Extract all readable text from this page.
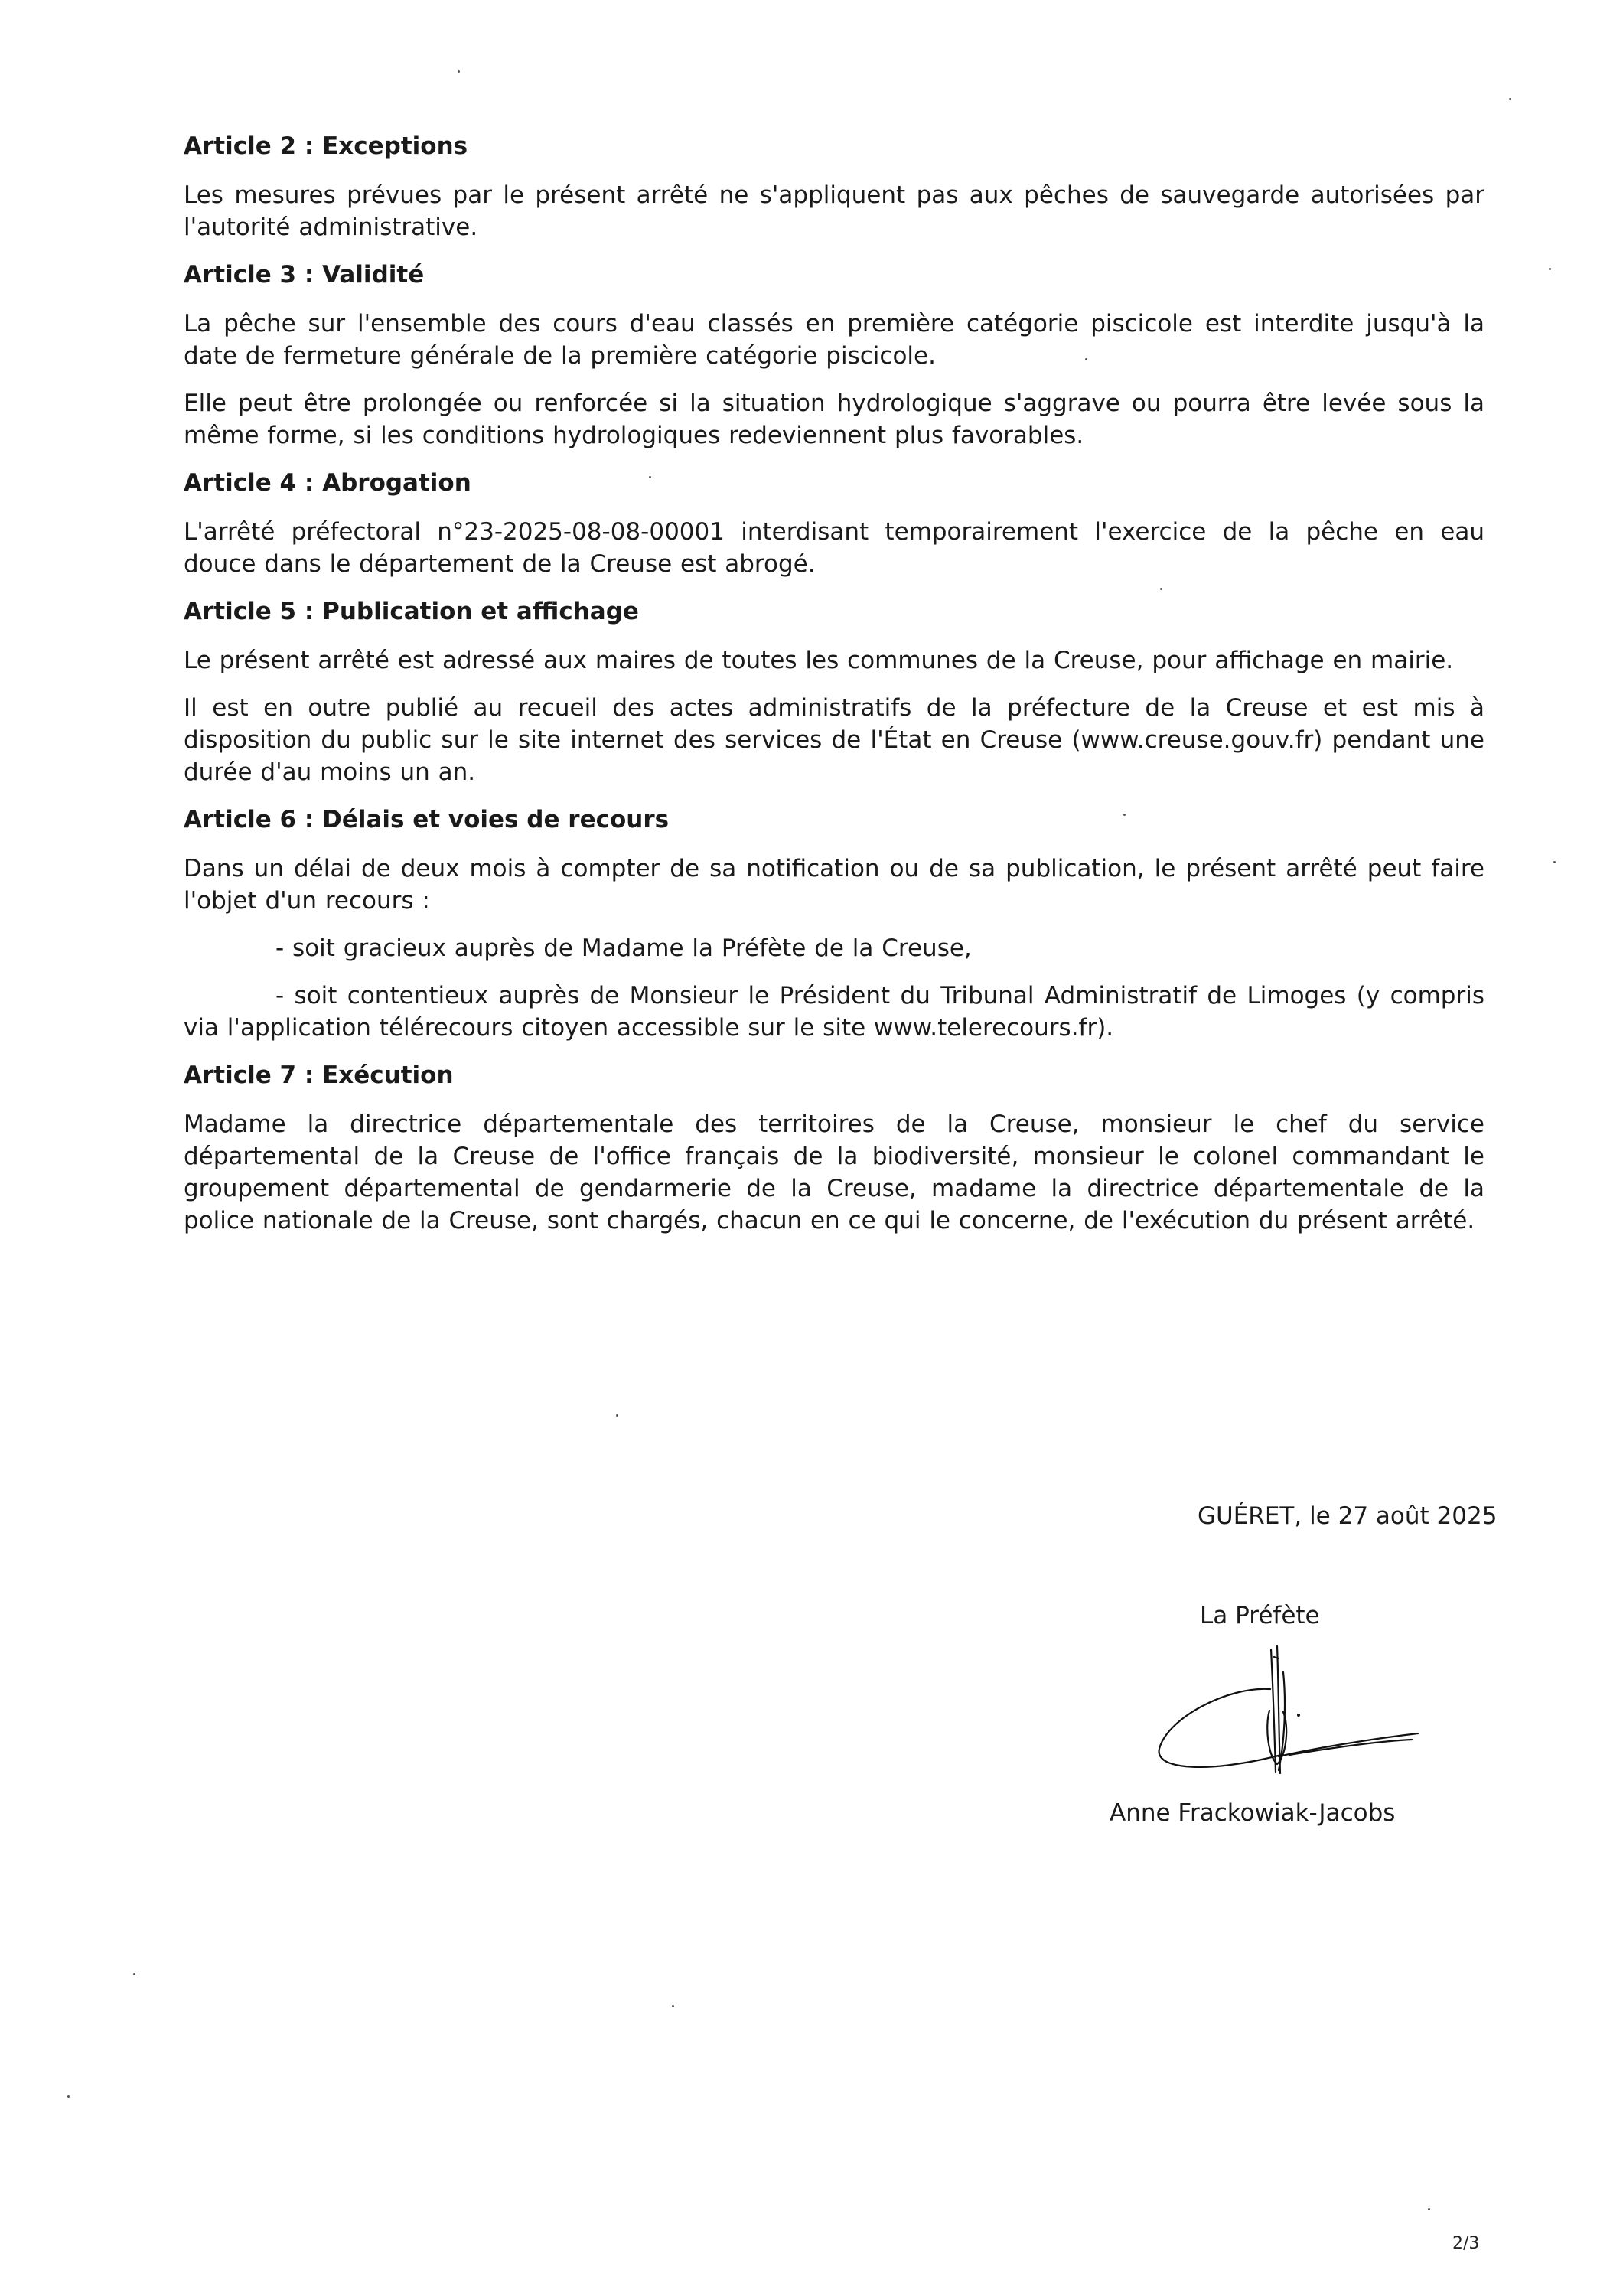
Article 2 : Exceptions

Les mesures prévues par le présent arrêté ne s'appliquent pas aux pêches de sauvegarde autorisées par l'autorité administrative.

Article 3 : Validité

La pêche sur l'ensemble des cours d'eau classés en première catégorie piscicole est interdite jusqu'à la date de fermeture générale de la première catégorie piscicole.

Elle peut être prolongée ou renforcée si la situation hydrologique s'aggrave ou pourra être levée sous la même forme, si les conditions hydrologiques redeviennent plus favorables.

Article 4 : Abrogation

L'arrêté préfectoral n°23-2025-08-08-00001 interdisant temporairement l'exercice de la pêche en eau douce dans le département de la Creuse est abrogé.

Article 5 : Publication et affichage

Le présent arrêté est adressé aux maires de toutes les communes de la Creuse, pour affichage en mairie.

Il est en outre publié au recueil des actes administratifs de la préfecture de la Creuse et est mis à disposition du public sur le site internet des services de l'État en Creuse (www.creuse.gouv.fr) pendant une durée d'au moins un an.

Article 6 : Délais et voies de recours

Dans un délai de deux mois à compter de sa notification ou de sa publication, le présent arrêté peut faire l'objet d'un recours :

- soit gracieux auprès de Madame la Préfète de la Creuse,

- soit contentieux auprès de Monsieur le Président du Tribunal Administratif de Limoges (y compris via l'application télérecours citoyen accessible sur le site www.telerecours.fr).

Article 7 : Exécution

Madame la directrice départementale des territoires de la Creuse, monsieur le chef du service départemental de la Creuse de l'office français de la biodiversité, monsieur le colonel commandant le groupement départemental de gendarmerie de la Creuse, madame la directrice départementale de la police nationale de la Creuse, sont chargés, chacun en ce qui le concerne, de l'exécution du présent arrêté.

GUÉRET, le 27 août 2025
La Préfète
Anne Frackowiak-Jacobs
2/3
